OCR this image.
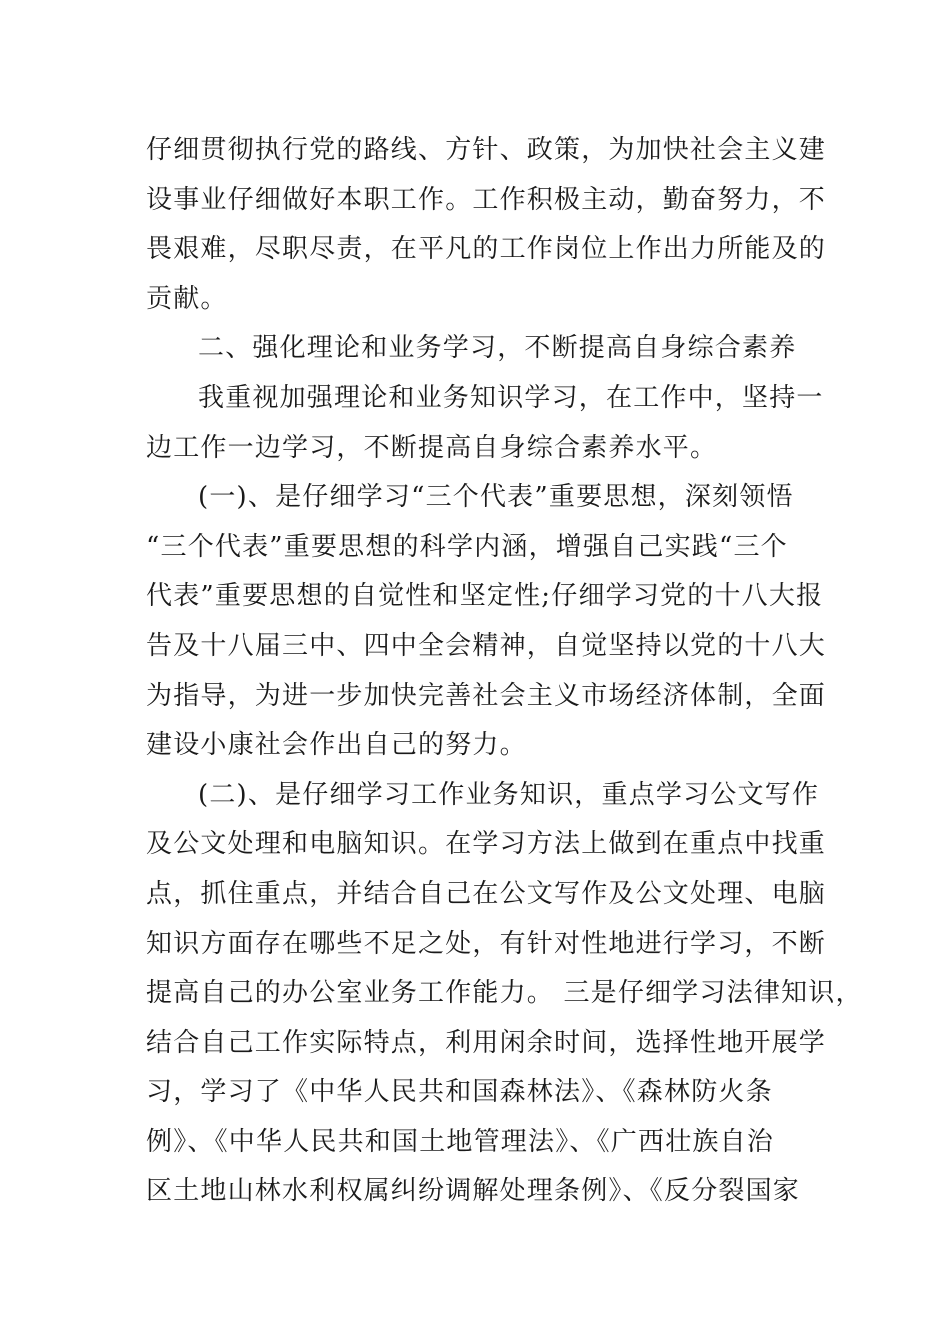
仔细贯彻执行党的路线、方针、政策，为加快社会主义建
设事业仔细做好本职工作。工作积极主动，勤奋努力，不
畏艰难，尽职尽责，在平凡的工作岗位上作出力所能及的
贡献。

二、强化理论和业务学习，不断提高自身综合素养

我重视加强理论和业务知识学习，在工作中，坚持一
边工作一边学习，不断提高自身综合素养水平。

(一)、是仔细学习“三个代表”重要思想，深刻领悟
“三个代表”重要思想的科学内涵，增强自己实践“三个
代表”重要思想的自觉性和坚定性;仔细学习党的十八大报
告及十八届三中、四中全会精神，自觉坚持以党的十八大
为指导，为进一步加快完善社会主义市场经济体制，全面
建设小康社会作出自己的努力。

(二)、是仔细学习工作业务知识，重点学习公文写作
及公文处理和电脑知识。在学习方法上做到在重点中找重
点，抓住重点，并结合自己在公文写作及公文处理、电脑
知识方面存在哪些不足之处，有针对性地进行学习，不断
提高自己的办公室业务工作能力。 三是仔细学习法律知识，
结合自己工作实际特点，利用闲余时间，选择性地开展学
习，学习了《中华人民共和国森林法》、《森林防火条
例》、《中华人民共和国土地管理法》、《广西壮族自治
区土地山林水利权属纠纷调解处理条例》、《反分裂国家
